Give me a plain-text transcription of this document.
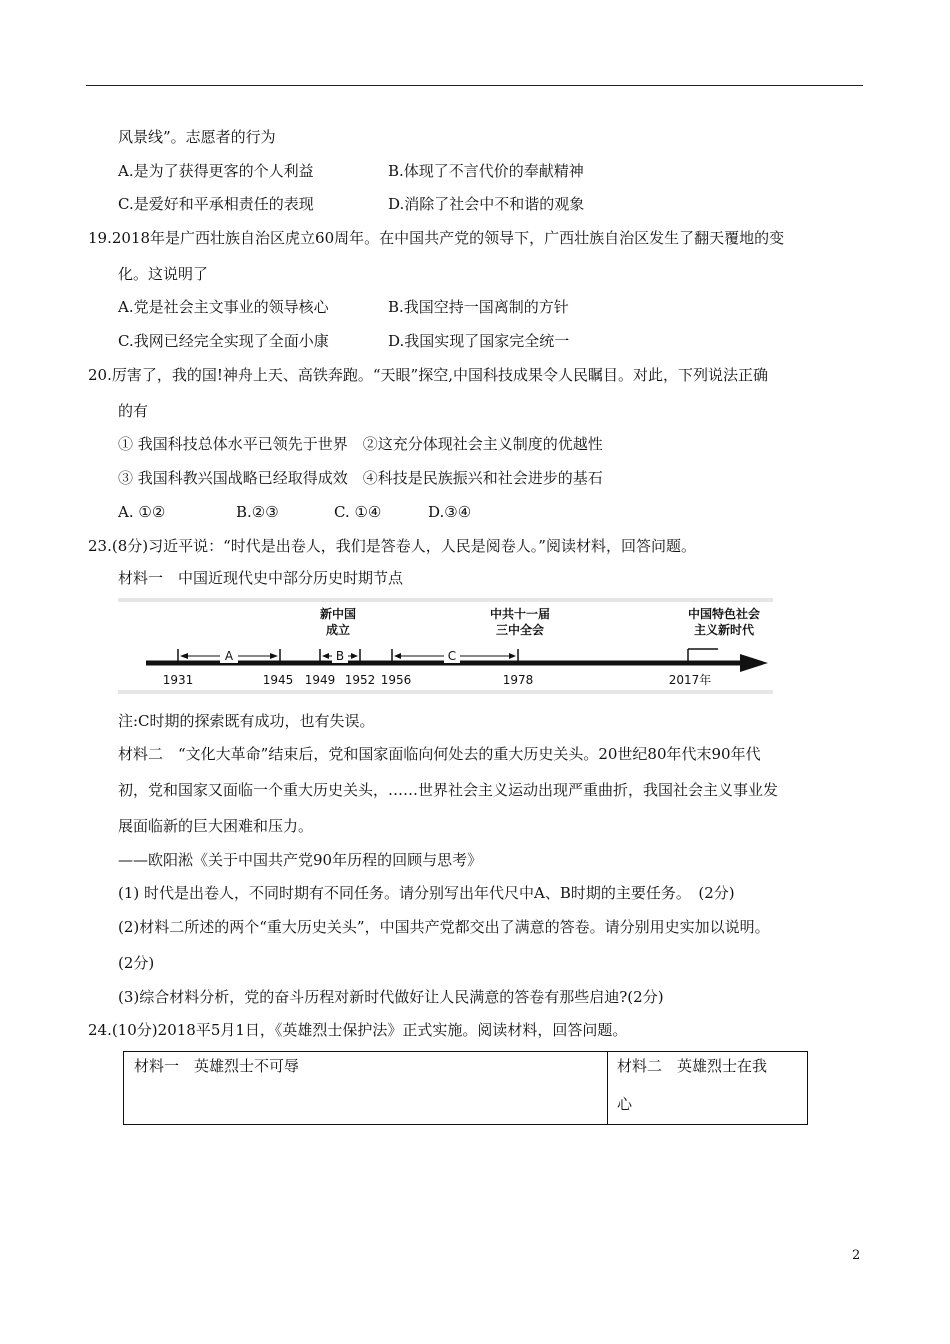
风景线”。志愿者的行为
A.是为了获得更客的个人利益	B.体现了不言代价的奉献精神
C.是爱好和平承相责任的表现	D.消除了社会中不和谐的观象
19.2018年是广西壮族自治区虎立60周年。在中国共产党的领导下，广西壮族自治区发生了翻天覆地的变
化。这说明了
A.党是社会主文事业的领导核心	B.我国空持一国离制的方针
C.我网已经完全实现了全面小康	D.我国实现了国家完全统一
20.厉害了，我的国!神舟上天、高铁奔跑。“天眼”探空,中国科技成果令人民瞩目。对此，下列说法正确
的有
① 我国科技总体水平已领先于世界　②这充分体现社会主义制度的优越性
③ 我国科教兴国战略已经取得成效　④科技是民族振兴和社会进步的基石
A. ①②	B.②③	C. ①④	D.③④
23.(8分)习近平说：“时代是出卷人，我们是答卷人，人民是阅卷人。”阅读材料，回答问题。
材料一　中国近现代史中部分历史时期节点
A	B	C
新中国
成立
中共十一届
三中全会
中国特色社会
主义新时代
1931	1945 1949 1952 1956	1978	2017年
注:C时期的探索既有成功，也有失误。
材料二　“文化大革命”结束后，党和国家面临向何处去的重大历史关头。20世纪80年代末90年代
初，党和国家又面临一个重大历史关头，……世界社会主义运动出现严重曲折，我国社会主义事业发
展面临新的巨大困难和压力。
——欧阳淞《关于中国共产党90年历程的回顾与思考》
(1) 时代是出卷人，不同时期有不同任务。请分别写出年代尺中A、B时期的主要任务。　(2分)
(2)材料二所述的两个“重大历史关头”，中国共产党都交出了满意的答卷。请分别用史实加以说明。
(2分)
(3)综合材料分析，党的奋斗历程对新时代做好让人民满意的答卷有那些启迪?(2分)
24.(10分)2018平5月1日，《英雄烈士保护法》正式实施。阅读材料，回答问题。
材料一　英雄烈士不可辱	材料二　英雄烈士在我
心
2
